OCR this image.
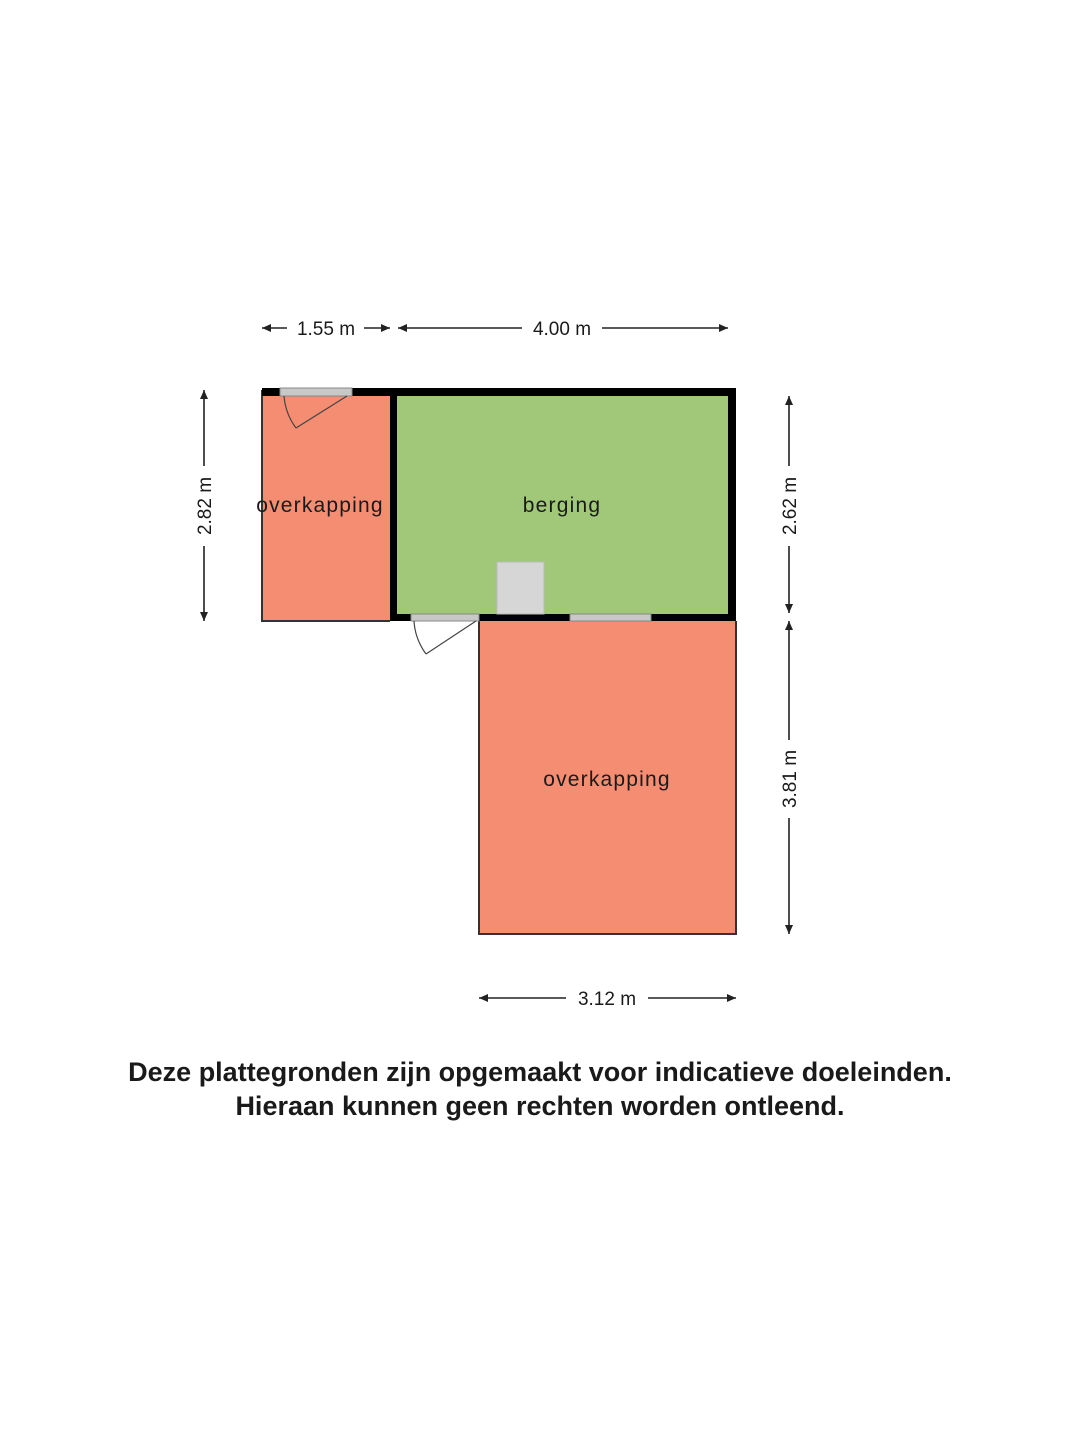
overkapping	berging
overkapping
1.55 m	4.00 m
2.82 m	2.62 m
3.81 m
3.12 m
Deze plattegronden zijn opgemaakt voor indicatieve doeleinden.
Hieraan kunnen geen rechten worden ontleend.
